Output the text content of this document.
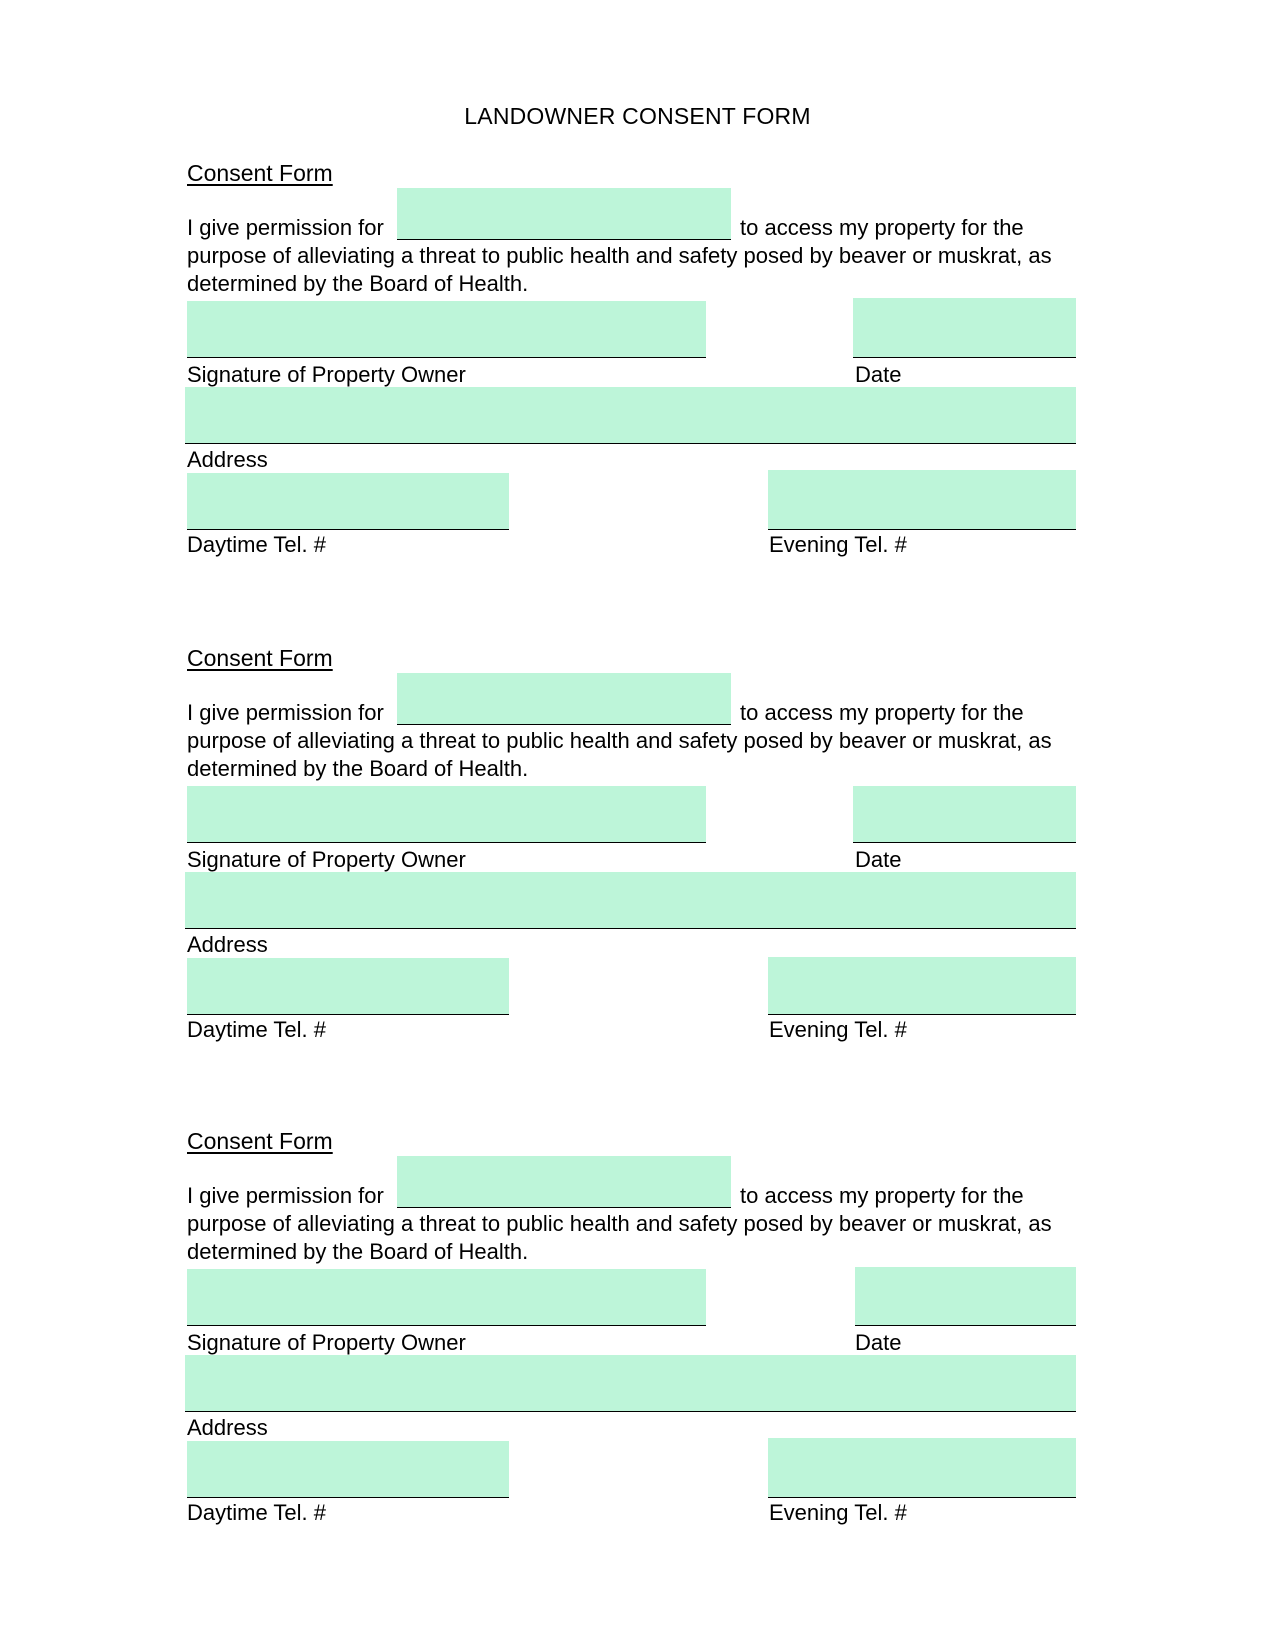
LANDOWNER CONSENT FORM
Consent Form
I give permission for	to access my property for the
purpose of alleviating a threat to public health and safety posed by beaver or muskrat, as
determined by the Board of Health.
Signature of Property Owner	Date
Address
Daytime Tel. #	Evening Tel. #
Consent Form
I give permission for	to access my property for the
purpose of alleviating a threat to public health and safety posed by beaver or muskrat, as
determined by the Board of Health.
Signature of Property Owner	Date
Address
Daytime Tel. #	Evening Tel. #
Consent Form
I give permission for	to access my property for the
purpose of alleviating a threat to public health and safety posed by beaver or muskrat, as
determined by the Board of Health.
Signature of Property Owner	Date
Address
Daytime Tel. #	Evening Tel. #
